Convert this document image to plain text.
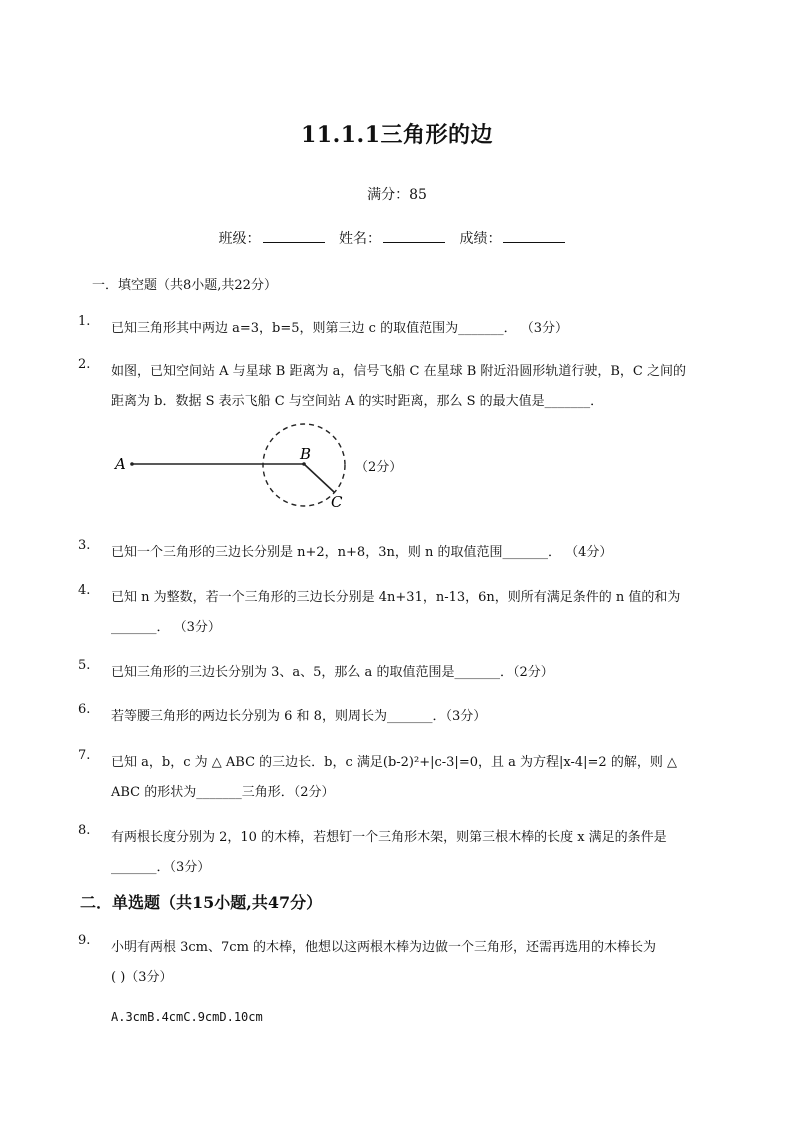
11.1.1三角形的边
满分：85
班级：	姓名：	成绩：
一．填空题（共8小题,共22分）
1.	已知三角形其中两边 a=3，b=5，则第三边 c 的取值范围为_______． （3分）
2.	如图，已知空间站 A 与星球 B 距离为 a，信号飞船 C 在星球 B 附近沿圆形轨道行驶，B，C 之间的
距离为 b．数据 S 表示飞船 C 与空间站 A 的实时距离，那么 S 的最大值是_______．
A
B
C
（2分）
3.	已知一个三角形的三边长分别是 n+2，n+8，3n，则 n 的取值范围_______． （4分）
4.	已知 n 为整数，若一个三角形的三边长分别是 4n+31，n-13，6n，则所有满足条件的 n 值的和为
_______． （3分）
5.	已知三角形的三边长分别为 3、a、5，那么 a 的取值范围是_______．（2分）
6.	若等腰三角形的两边长分别为 6 和 8，则周长为_______．（3分）
7.	已知 a，b，c 为 △ ABC 的三边长．b，c 满足(b-2)²+|c-3|=0，且 a 为方程|x-4|=2 的解，则 △
ABC 的形状为_______三角形．（2分）
8.	有两根长度分别为 2，10 的木棒，若想钉一个三角形木架，则第三根木棒的长度 x 满足的条件是
_______．（3分）
二．单选题（共15小题,共47分）
9.	小明有两根 3cm、7cm 的木棒，他想以这两根木棒为边做一个三角形，还需再选用的木棒长为
( )（3分）
A.3cmB.4cmC.9cmD.10cm
